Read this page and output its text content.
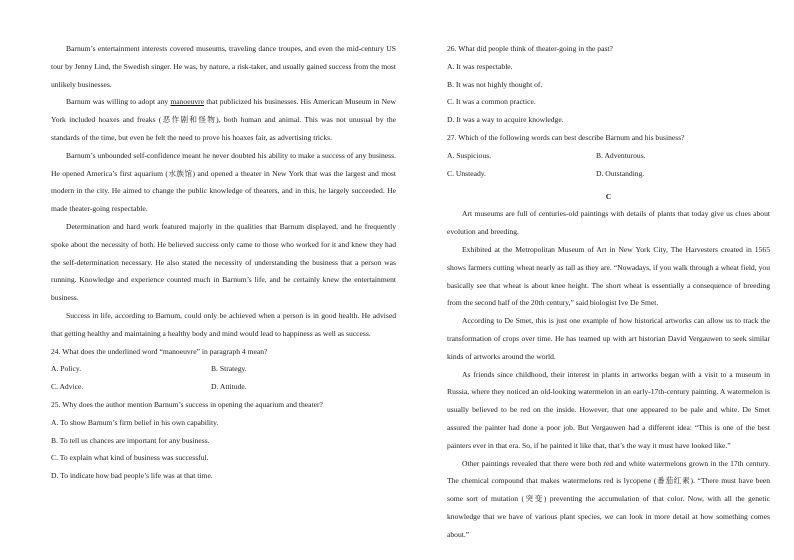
Barnum’s entertainment interests covered museums, traveling dance troupes, and even the mid-century US tour by Jenny Lind, the Swedish singer. He was, by nature, a risk-taker, and usually gained success from the most unlikely businesses.

Barnum was willing to adopt any manoeuvre that publicized his businesses. His American Museum in New York included hoaxes and freaks (恶作剧和怪物), both human and animal. This was not unusual by the standards of the time, but even he felt the need to prove his hoaxes fair, as advertising tricks.

Barnum’s unbounded self-confidence meant he never doubted his ability to make a success of any business. He opened America’s first aquarium (水族馆) and opened a theater in New York that was the largest and most modern in the city. He aimed to change the public knowledge of theaters, and in this, he largely succeeded. He made theater-going respectable.

Determination and hard work featured majorly in the qualities that Barnum displayed, and he frequently spoke about the necessity of both. He believed success only came to those who worked for it and knew they had the self-determination necessary. He also stated the necessity of understanding the business that a person was running. Knowledge and experience counted much in Barnum’s life, and he certainly knew the entertainment business.

Success in life, according to Barnum, could only be achieved when a person is in good health. He advised that getting healthy and maintaining a healthy body and mind would lead to happiness as well as success.

24. What does the underlined word “manoeuvre” in paragraph 4 mean?

A. Policy.	B. Strategy.
C. Advice.	D. Attitude.

25. Why does the author mention Barnum’s success in opening the aquarium and theater?

A. To show Barnum’s firm belief in his own capability.

B. To tell us chances are important for any business.

C. To explain what kind of business was successful.

D. To indicate how bad people’s life was at that time.

26. What did people think of theater-going in the past?

A. It was respectable.

B. It was not highly thought of.

C. It was a common practice.

D. It was a way to acquire knowledge.

27. Which of the following words can best describe Barnum and his business?

A. Suspicious.	B. Adventurous.
C. Unsteady.	D. Outstanding.
C

Art museums are full of centuries-old paintings with details of plants that today give us clues about evolution and breeding.

Exhibited at the Metropolitan Museum of Art in New York City, The Harvesters created in 1565 shows farmers cutting wheat nearly as tall as they are. “Nowadays, if you walk through a wheat field, you basically see that wheat is about knee height. The short wheat is essentially a consequence of breeding from the second half of the 20th century,” said biologist Ive De Smet.

According to De Smet, this is just one example of how historical artworks can allow us to track the transformation of crops over time. He has teamed up with art historian David Vergauwen to seek similar kinds of artworks around the world.

As friends since childhood, their interest in plants in artworks began with a visit to a museum in Russia, where they noticed an old-looking watermelon in an early-17th-century painting. A watermelon is usually believed to be red on the inside. However, that one appeared to be pale and white. De Smet assured the painter had done a poor job. But Vergauwen had a different idea: “This is one of the best painters ever in that era. So, if he painted it like that, that’s the way it must have looked like.”

Other paintings revealed that there were both red and white watermelons grown in the 17th century. The chemical compound that makes watermelons red is lycopene (番茄红素). “There must have been some sort of mutation (突变) preventing the accumulation of that color. Now, with all the genetic knowledge that we have of various plant species, we can look in more detail at how something comes about.”
